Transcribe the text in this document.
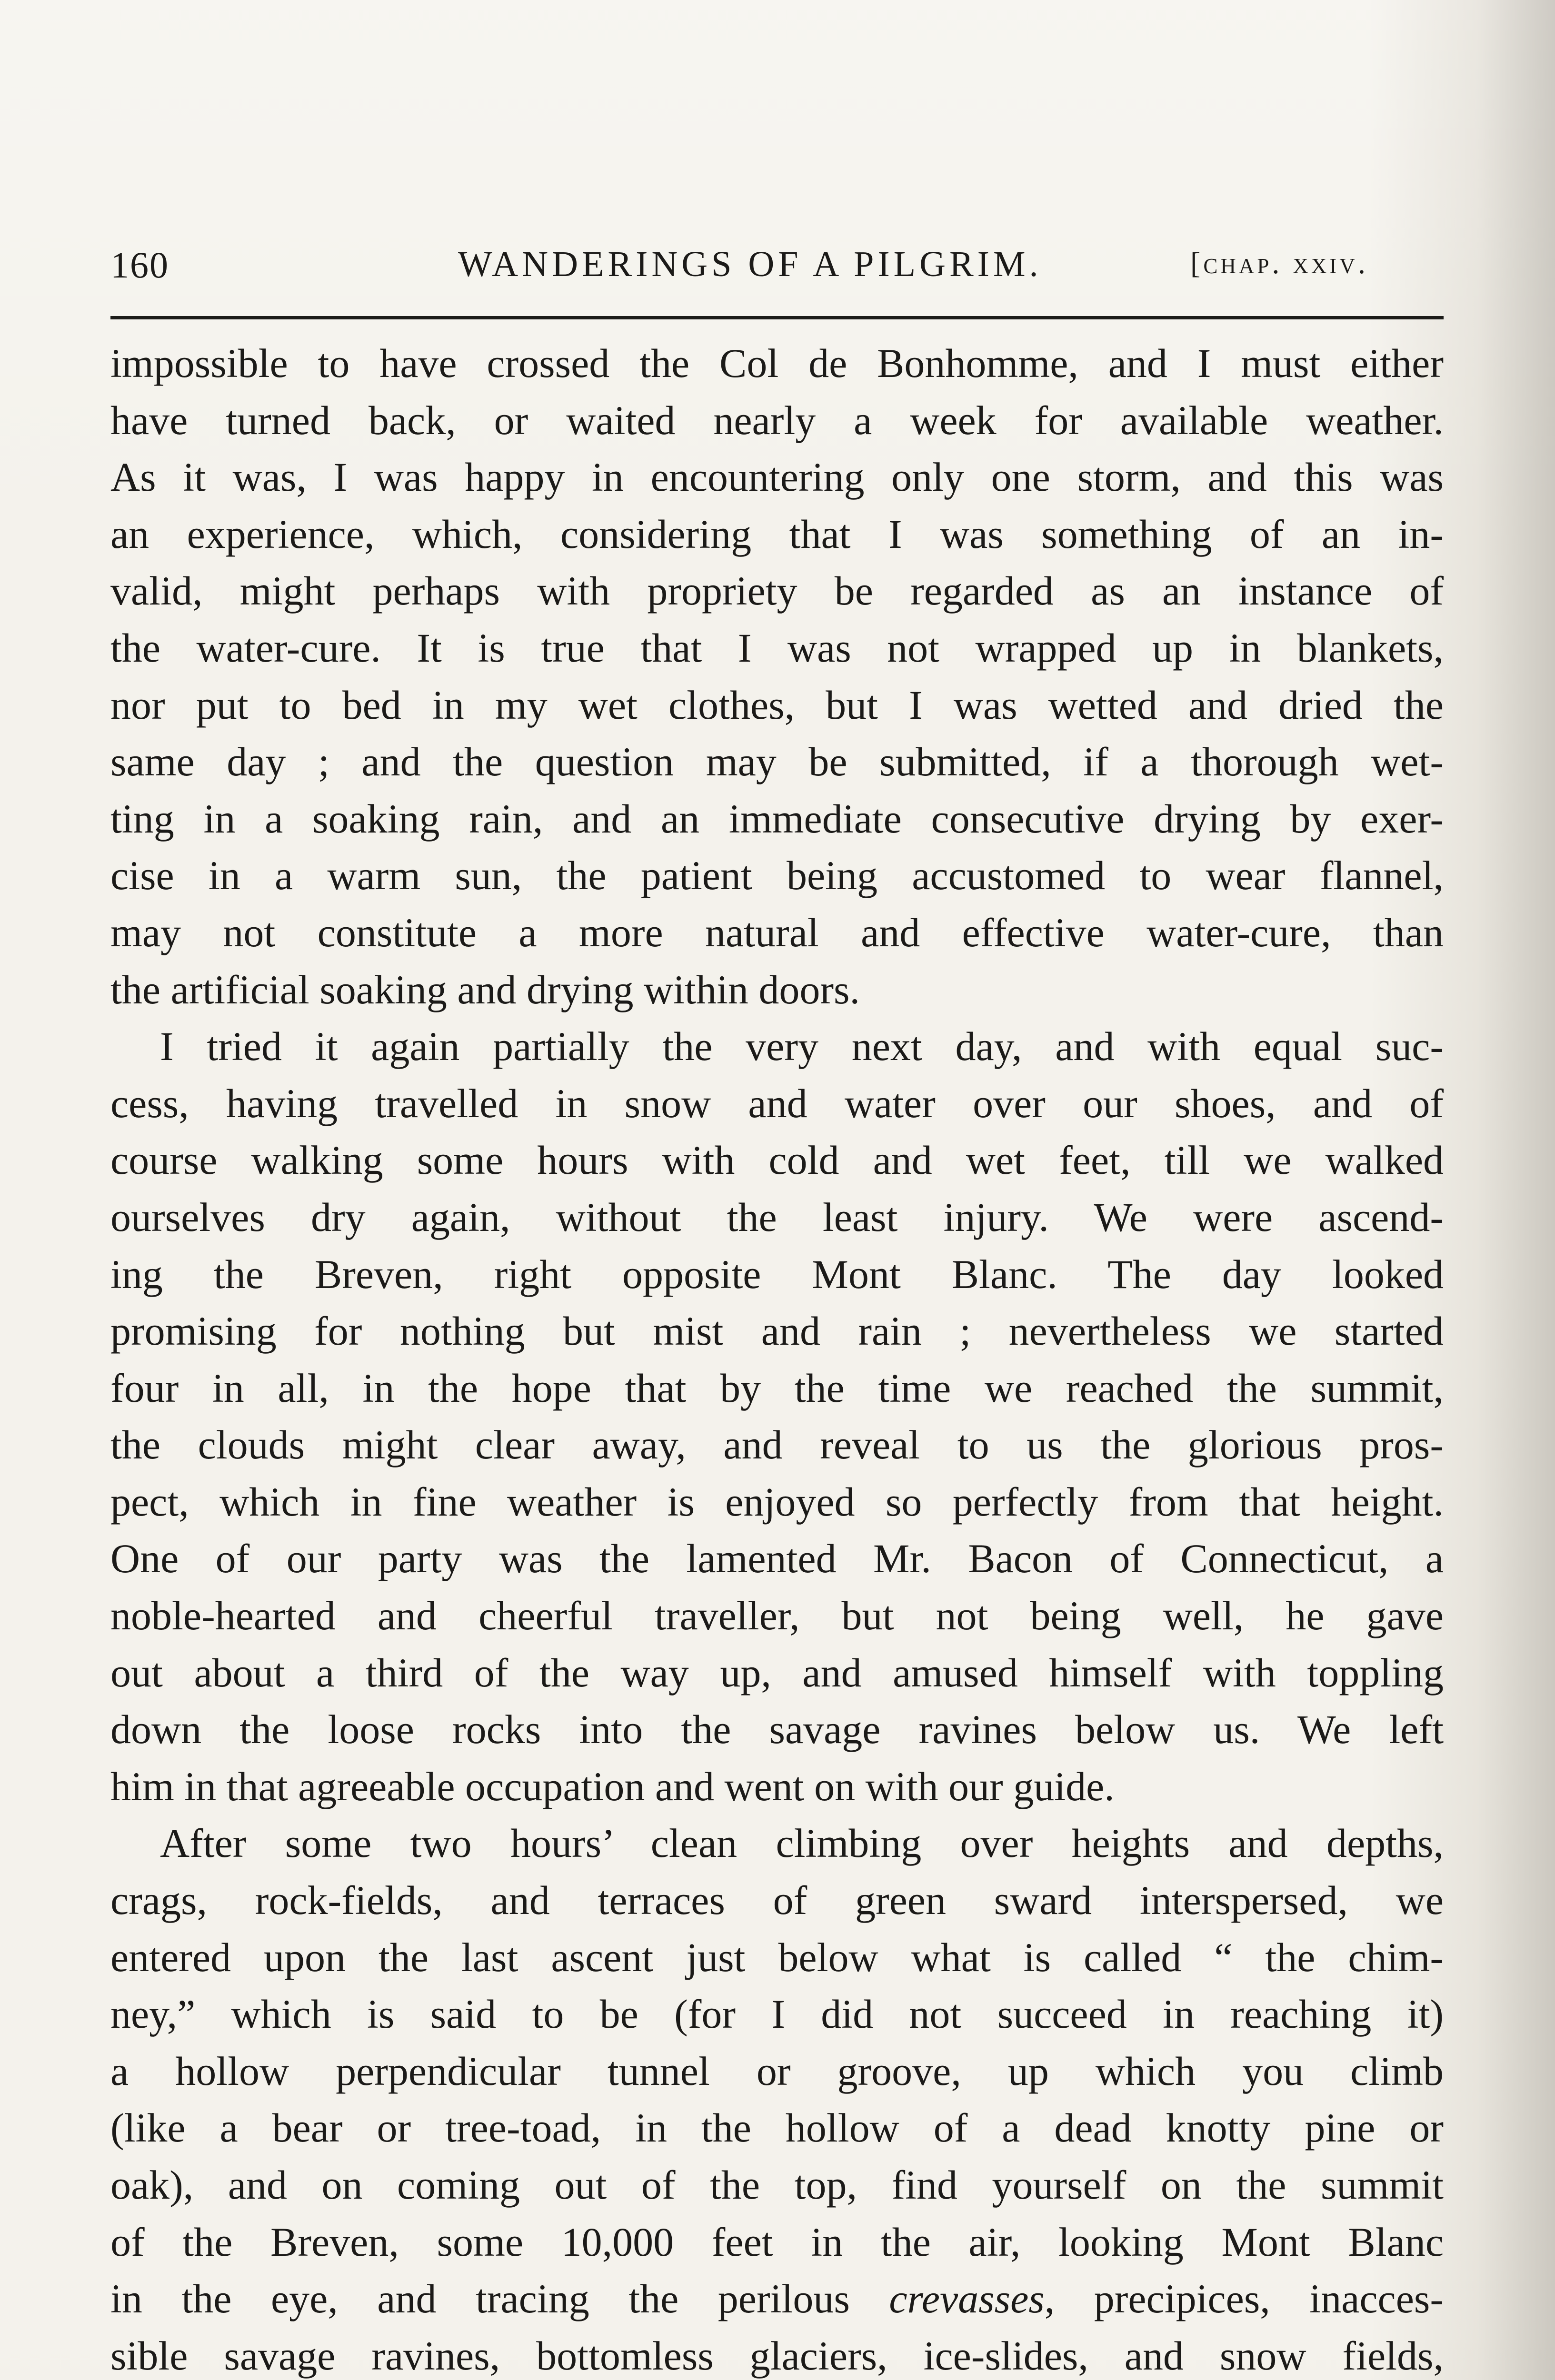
160	WANDERINGS OF A PILGRIM.	[chap. xxiv.
impossible to have crossed the Col de Bonhomme, and I must either
have turned back, or waited nearly a week for available weather.
As it was, I was happy in encountering only one storm, and this was
an experience, which, considering that I was something of an in-
valid, might perhaps with propriety be regarded as an instance of
the water-cure. It is true that I was not wrapped up in blankets,
nor put to bed in my wet clothes, but I was wetted and dried the
same day ; and the question may be submitted, if a thorough wet-
ting in a soaking rain, and an immediate consecutive drying by exer-
cise in a warm sun, the patient being accustomed to wear flannel,
may not constitute a more natural and effective water-cure, than
the artificial soaking and drying within doors.
I tried it again partially the very next day, and with equal suc-
cess, having travelled in snow and water over our shoes, and of
course walking some hours with cold and wet feet, till we walked
ourselves dry again, without the least injury. We were ascend-
ing the Breven, right opposite Mont Blanc. The day looked
promising for nothing but mist and rain ; nevertheless we started
four in all, in the hope that by the time we reached the summit,
the clouds might clear away, and reveal to us the glorious pros-
pect, which in fine weather is enjoyed so perfectly from that height.
One of our party was the lamented Mr. Bacon of Connecticut, a
noble-hearted and cheerful traveller, but not being well, he gave
out about a third of the way up, and amused himself with toppling
down the loose rocks into the savage ravines below us. We left
him in that agreeable occupation and went on with our guide.
After some two hours’ clean climbing over heights and depths,
crags, rock-fields, and terraces of green sward interspersed, we
entered upon the last ascent just below what is called “ the chim-
ney,” which is said to be (for I did not succeed in reaching it)
a hollow perpendicular tunnel or groove, up which you climb
(like a bear or tree-toad, in the hollow of a dead knotty pine or
oak), and on coming out of the top, find yourself on the summit
of the Breven, some 10,000 feet in the air, looking Mont Blanc
in the eye, and tracing the perilous crevasses, precipices, inacces-
sible savage ravines, bottomless glaciers, ice-slides, and snow fields,
